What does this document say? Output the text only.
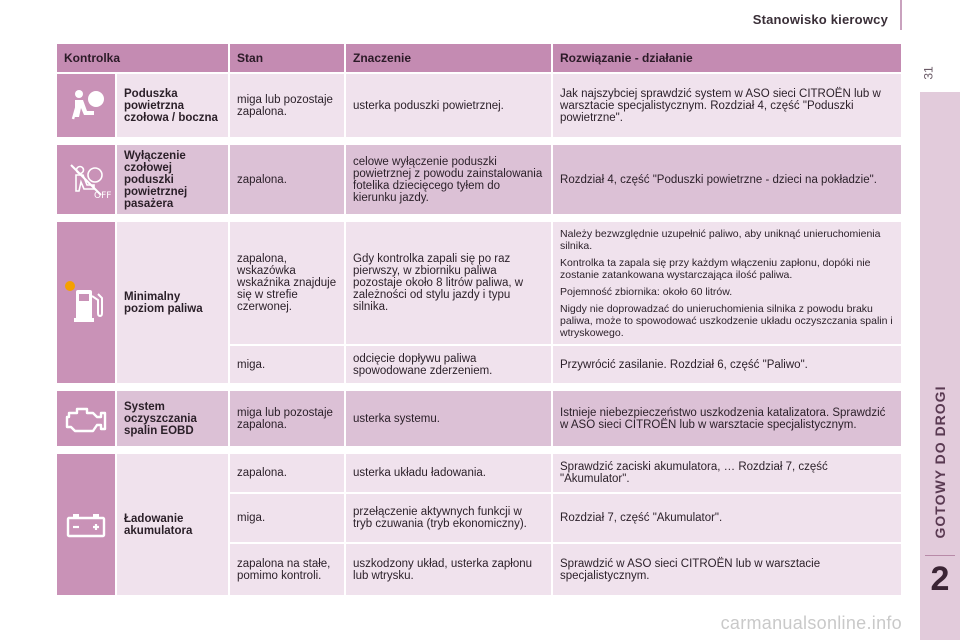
Stanowisko kierowcy
31
GOTOWY DO DROGI
2
carmanualsonline.info
Kontrolka		Stan	Znaczenie	Rozwiązanie - działanie
	Poduszka powietrzna czołowa / boczna	miga lub pozostaje zapalona.	usterka poduszki powietrznej.	Jak najszybciej sprawdzić system w ASO sieci CITROËN lub w warsztacie specjalistycznym. Rozdział 4, część "Poduszki powietrzne".

OFF	Wyłączenie czołowej poduszki powietrznej pasażera	zapalona.	celowe wyłączenie poduszki powietrznej z powodu zainstalowania fotelika dziecięcego tyłem do kierunku jazdy.	Rozdział 4, część "Poduszki powietrzne - dzieci na pokładzie".

	Minimalny poziom paliwa	zapalona, wskazówka wskaźnika znajduje się w strefie czerwonej.	Gdy kontrolka zapali się po raz pierwszy, w zbiorniku paliwa pozostaje około 8 litrów paliwa, w zależności od stylu jazdy i typu silnika.	Należy bezwzględnie uzupełnić paliwo, aby uniknąć unieruchomienia silnika.

Kontrolka ta zapala się przy każdym włączeniu zapłonu, dopóki nie zostanie zatankowana wystarczająca ilość paliwa.

Pojemność zbiornika: około 60 litrów.

Nigdy nie doprowadzać do unieruchomienia silnika z powodu braku paliwa, może to spowodować uszkodzenie układu oczyszczania spalin i wtryskowego.

		miga.	odcięcie dopływu paliwa spowodowane zderzeniem.	Przywrócić zasilanie. Rozdział 6, część "Paliwo".

	System oczyszczania spalin EOBD	miga lub pozostaje zapalona.	usterka systemu.	Istnieje niebezpieczeństwo uszkodzenia katalizatora. Sprawdzić w ASO sieci CITROËN lub w warsztacie specjalistycznym.

	Ładowanie akumulatora	zapalona.	usterka układu ładowania.	Sprawdzić zaciski akumulatora, … Rozdział 7, część "Akumulator".
		miga.	przełączenie aktywnych funkcji w tryb czuwania (tryb ekonomiczny).	Rozdział 7, część "Akumulator".
		zapalona na stałe, pomimo kontroli.	uszkodzony układ, usterka zapłonu lub wtrysku.	Sprawdzić w ASO sieci CITROËN lub w warsztacie specjalistycznym.
